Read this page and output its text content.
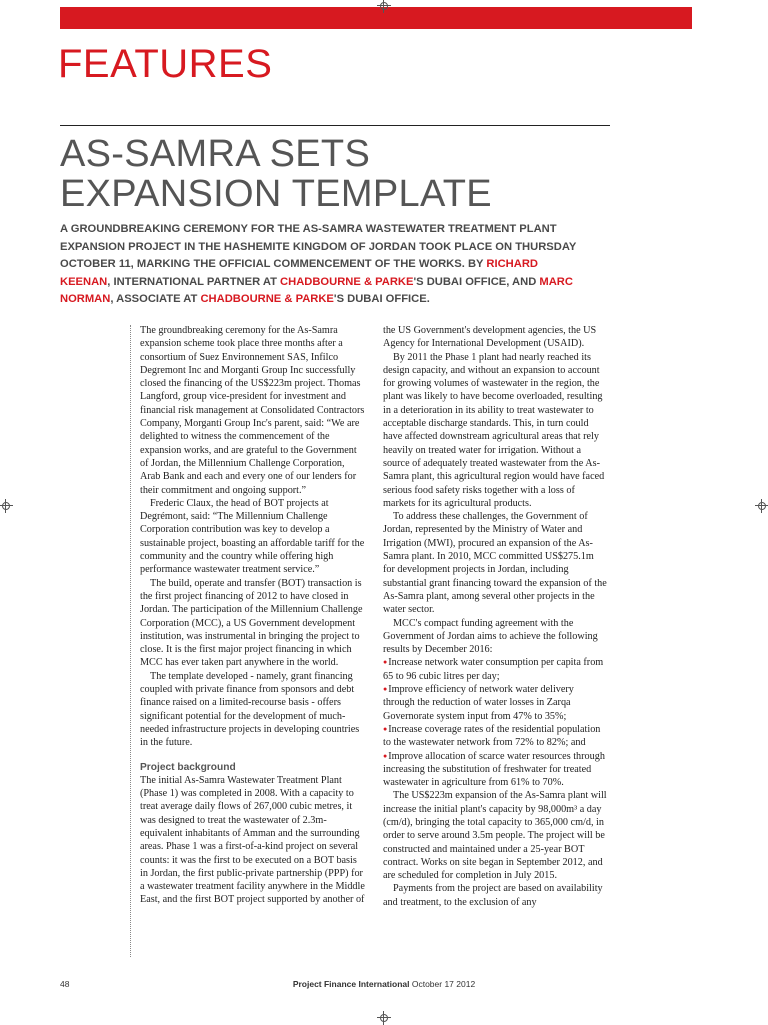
FEATURES
AS-SAMRA SETS
EXPANSION TEMPLATE
A GROUNDBREAKING CEREMONY FOR THE AS-SAMRA WASTEWATER TREATMENT PLANT EXPANSION PROJECT IN THE HASHEMITE KINGDOM OF JORDAN TOOK PLACE ON THURSDAY OCTOBER 11, MARKING THE OFFICIAL COMMENCEMENT OF THE WORKS. BY RICHARD KEENAN, INTERNATIONAL PARTNER AT CHADBOURNE & PARKE'S DUBAI OFFICE, AND MARC NORMAN, ASSOCIATE AT CHADBOURNE & PARKE'S DUBAI OFFICE.

The groundbreaking ceremony for the As-Samra expansion scheme took place three months after a consortium of Suez Environnement SAS, Infilco Degremont Inc and Morganti Group Inc successfully closed the financing of the US$223m project. Thomas Langford, group vice-president for investment and financial risk management at Consolidated Contractors Company, Morganti Group Inc's parent, said: “We are delighted to witness the commencement of the expansion works, and are grateful to the Government of Jordan, the Millennium Challenge Corporation, Arab Bank and each and every one of our lenders for their commitment and ongoing support.”

Frederic Claux, the head of BOT projects at Degrémont, said: “The Millennium Challenge Corporation contribution was key to develop a sustainable project, boasting an affordable tariff for the community and the country while offering high performance wastewater treatment service.”

The build, operate and transfer (BOT) transaction is the first project financing of 2012 to have closed in Jordan. The participation of the Millennium Challenge Corporation (MCC), a US Government development institution, was instrumental in bringing the project to close. It is the first major project financing in which MCC has ever taken part anywhere in the world.

The template developed - namely, grant financing coupled with private finance from sponsors and debt finance raised on a limited-recourse basis - offers significant potential for the development of much-needed infrastructure projects in developing countries in the future.

Project background

The initial As-Samra Wastewater Treatment Plant (Phase 1) was completed in 2008. With a capacity to treat average daily flows of 267,000 cubic metres, it was designed to treat the wastewater of 2.3m-equivalent inhabitants of Amman and the surrounding areas. Phase 1 was a first-of-a-kind project on several counts: it was the first to be executed on a BOT basis in Jordan, the first public-private partnership (PPP) for a wastewater treatment facility anywhere in the Middle East, and the first BOT project supported by another of

the US Government's development agencies, the US Agency for International Development (USAID).

By 2011 the Phase 1 plant had nearly reached its design capacity, and without an expansion to account for growing volumes of wastewater in the region, the plant was likely to have become overloaded, resulting in a deterioration in its ability to treat wastewater to acceptable discharge standards. This, in turn could have affected downstream agricultural areas that rely heavily on treated water for irrigation. Without a source of adequately treated wastewater from the As-Samra plant, this agricultural region would have faced serious food safety risks together with a loss of markets for its agricultural products.

To address these challenges, the Government of Jordan, represented by the Ministry of Water and Irrigation (MWI), procured an expansion of the As-Samra plant. In 2010, MCC committed US$275.1m for development projects in Jordan, including substantial grant financing toward the expansion of the As-Samra plant, among several other projects in the water sector.

MCC's compact funding agreement with the Government of Jordan aims to achieve the following results by December 2016:

● Increase network water consumption per capita from 65 to 96 cubic litres per day;

● Improve efficiency of network water delivery through the reduction of water losses in Zarqa Governorate system input from 47% to 35%;

● Increase coverage rates of the residential population to the wastewater network from 72% to 82%; and

● Improve allocation of scarce water resources through increasing the substitution of freshwater for treated wastewater in agriculture from 61% to 70%.

The US$223m expansion of the As-Samra plant will increase the initial plant's capacity by 98,000m³ a day (cm/d), bringing the total capacity to 365,000 cm/d, in order to serve around 3.5m people. The project will be constructed and maintained under a 25-year BOT contract. Works on site began in September 2012, and are scheduled for completion in July 2015.

Payments from the project are based on availability and treatment, to the exclusion of any

48	Project Finance International October 17 2012
